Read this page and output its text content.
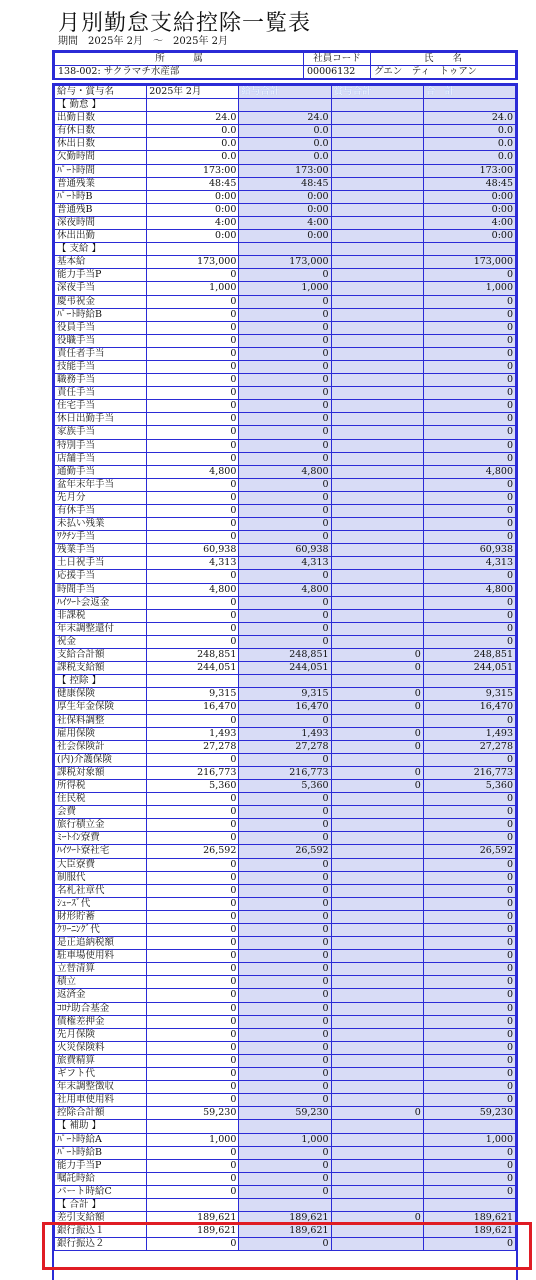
月別勤怠支給控除一覧表
期間　2025年 2月　～　2025年 2月
所　　　属	社員コード	氏　　名
138-002: サクラマチ水産部	00006132	グエン　ティ　トゥアン
給与・賞与名	2025年 2月	給与合計	賞与合計	合　計
【 勤怠 】				
出勤日数	24.0	24.0		24.0
有休日数	0.0	0.0		0.0
休出日数	0.0	0.0		0.0
欠勤時間	0.0	0.0		0.0
ﾊﾟｰﾄ時間	173:00	173:00		173:00
普通残業	48:45	48:45		48:45
ﾊﾟｰﾄ時B	0:00	0:00		0:00
普通残B	0:00	0:00		0:00
深夜時間	4:00	4:00		4:00
休出出勤	0:00	0:00		0:00
【 支給 】				
基本給	173,000	173,000		173,000
能力手当P	0	0		0
深夜手当	1,000	1,000		1,000
慶弔祝金	0	0		0
ﾊﾟｰﾄ時給B	0	0		0
役員手当	0	0		0
役職手当	0	0		0
責任者手当	0	0		0
技能手当	0	0		0
職務手当	0	0		0
責任手当	0	0		0
住宅手当	0	0		0
休日出勤手当	0	0		0
家族手当	0	0		0
特別手当	0	0		0
店舗手当	0	0		0
通勤手当	4,800	4,800		4,800
盆年末年手当	0	0		0
先月分	0	0		0
有休手当	0	0		0
未払い残業	0	0		0
ﾜｸﾁﾝ手当	0	0		0
残業手当	60,938	60,938		60,938
土日祝手当	4,313	4,313		4,313
応援手当	0	0		0
時間手当	4,800	4,800		4,800
ﾊｲﾂｰﾄ会返金	0	0		0
非課税	0	0		0
年末調整還付	0	0		0
祝金	0	0		0
支給合計額	248,851	248,851	0	248,851
課税支給額	244,051	244,051	0	244,051
【 控除 】				
健康保険	9,315	9,315	0	9,315
厚生年金保険	16,470	16,470	0	16,470
社保料調整	0	0		0
雇用保険	1,493	1,493	0	1,493
社会保険計	27,278	27,278	0	27,278
(内)介護保険	0	0		0
課税対象額	216,773	216,773	0	216,773
所得税	5,360	5,360	0	5,360
住民税	0	0		0
会費	0	0		0
旅行積立金	0	0		0
ﾐｰﾄｲﾝ寮費	0	0		0
ﾊｲﾂｰﾄ寮社宅	26,592	26,592		26,592
大臣寮費	0	0		0
制服代	0	0		0
名札社章代	0	0		0
ｼｭｰｽﾞ代	0	0		0
財形貯蓄	0	0		0
ｸﾘｰﾆﾝｸﾞ代	0	0		0
是正追納税額	0	0		0
駐車場使用料	0	0		0
立替清算	0	0		0
積立	0	0		0
返済金	0	0		0
ｺﾛﾅ助合基金	0	0		0
債権差押金	0	0		0
先月保険	0	0		0
火災保険料	0	0		0
旅費精算	0	0		0
ギフト代	0	0		0
年末調整徴収	0	0		0
社用車使用料	0	0		0
控除合計額	59,230	59,230	0	59,230
【 補助 】				
ﾊﾟｰﾄ時給A	1,000	1,000		1,000
ﾊﾟｰﾄ時給B	0	0		0
能力手当P	0	0		0
嘱託時給	0	0		0
パート時給C	0	0		0
【 合計 】				
差引支給額	189,621	189,621	0	189,621
銀行振込１	189,621	189,621		189,621
銀行振込２	0	0		0
